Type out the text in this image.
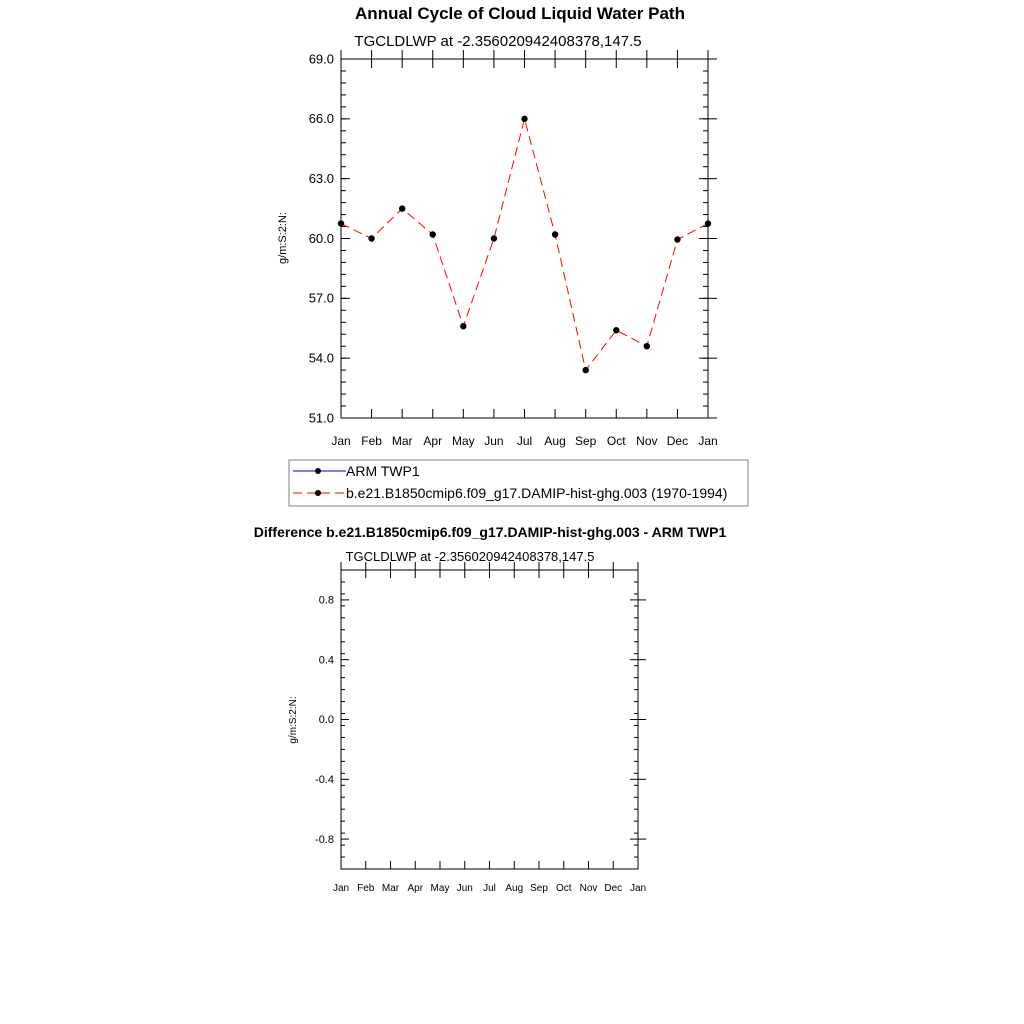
Annual Cycle of Cloud Liquid Water Path
TGCLDLWP at -2.356020942408378,147.5
g/m:S:2:N:
69.0
66.0
63.0
60.0
57.0
54.0
51.0
Jan Feb Mar Apr May Jun Jul Aug Sep Oct Nov Dec Jan
ARM TWP1
b.e21.B1850cmip6.f09_g17.DAMIP-hist-ghg.003 (1970-1994)
Difference b.e21.B1850cmip6.f09_g17.DAMIP-hist-ghg.003 - ARM TWP1
TGCLDLWP at -2.356020942408378,147.5
g/m:S:2:N:
0.8
0.4
0.0
-0.4
-0.8
Jan Feb Mar Apr May Jun Jul Aug Sep Oct Nov Dec Jan
